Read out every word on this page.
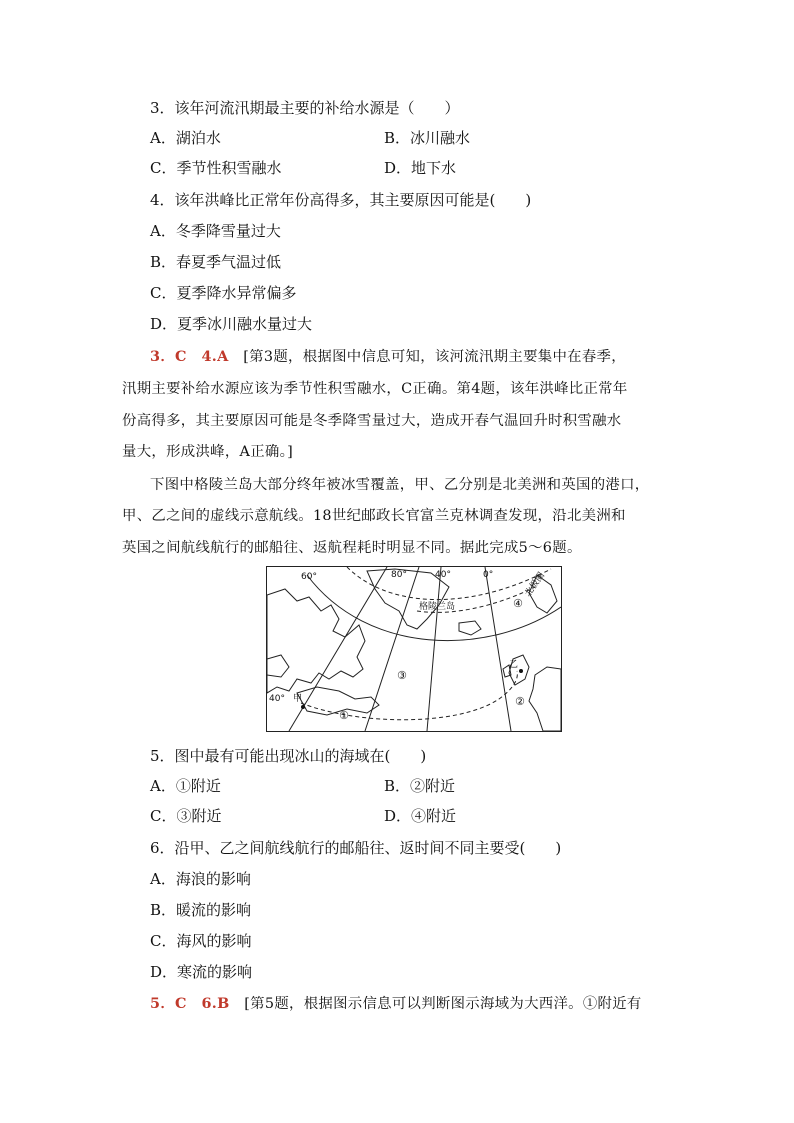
3．该年河流汛期最主要的补给水源是（　　）
A．湖泊水	B．冰川融水
C．季节性积雪融水	D．地下水
4．该年洪峰比正常年份高得多，其主要原因可能是(　　)
A．冬季降雪量过大
B．春夏季气温过低
C．夏季降水异常偏多
D．夏季冰川融水量过大
3．C  4.A  [第3题，根据图中信息可知，该河流汛期主要集中在春季，
汛期主要补给水源应该为季节性积雪融水，C正确。第4题，该年洪峰比正常年
份高得多，其主要原因可能是冬季降雪量过大，造成开春气温回升时积雪融水
量大，形成洪峰，A正确。]
下图中格陵兰岛大部分终年被冰雪覆盖，甲、乙分别是北美洲和英国的港口，
甲、乙之间的虚线示意航线。18世纪邮政长官富兰克林调查发现，沿北美洲和
英国之间航线航行的邮船往、返航程耗时明显不同。据此完成5～6题。
60°	80°	40°	0°	北极圈
格陵兰岛
40° 甲
乙
①
②
③
④
5．图中最有可能出现冰山的海域在(　　)
A．①附近	B．②附近
C．③附近	D．④附近
6．沿甲、乙之间航线航行的邮船往、返时间不同主要受(　　)
A．海浪的影响
B．暖流的影响
C．海风的影响
D．寒流的影响
5．C  6.B  [第5题，根据图示信息可以判断图示海域为大西洋。①附近有
